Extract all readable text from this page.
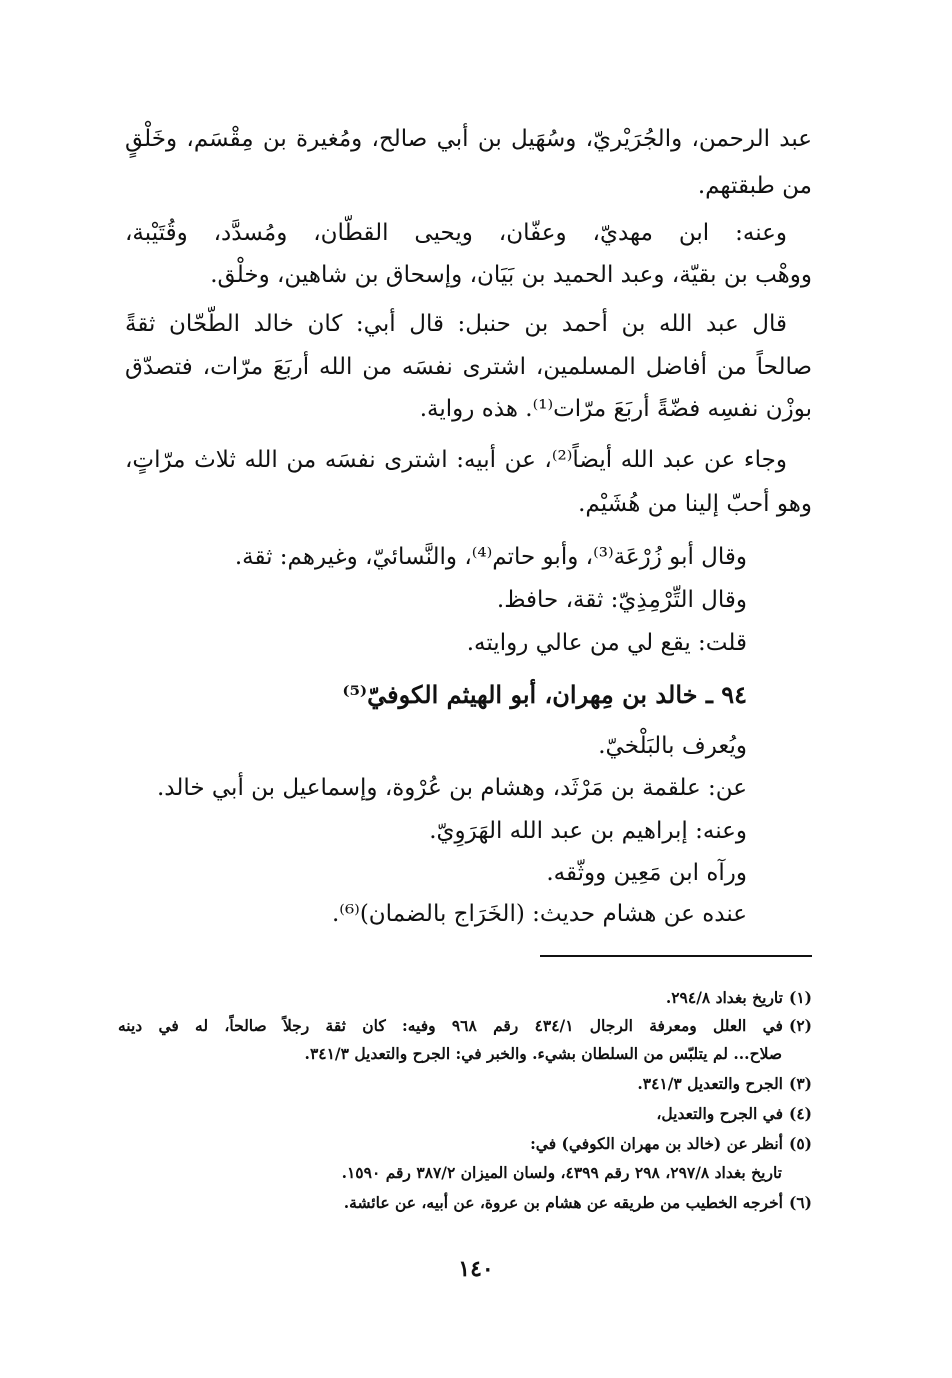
عبد الرحمن، والجُرَيْريّ، وسُهَيل بن أبي صالح، ومُغيرة بن مِقْسَم، وخَلْقٍ
من طبقتهم.
وعنه: ابن مهديّ، وعفّان، ويحيى القطّان، ومُسدَّد، وقُتَيْبة،
ووهْب بن بقيّة، وعبد الحميد بن بَيَان، وإسحاق بن شاهين، وخلْق.
قال عبد الله بن أحمد بن حنبل: قال أبي: كان خالد الطّحّان ثقةً
صالحاً من أفاضل المسلمين، اشترى نفسَه من الله أربَعَ مرّات، فتصدّق
بوزْن نفسِه فضّةً أربَعَ مرّات⁽¹⁾. هذه رواية.
وجاء عن عبد الله أيضاً⁽²⁾، عن أبيه: اشترى نفسَه من الله ثلاث مرّاتٍ،
وهو أحبّ إلينا من هُشَيْم.
وقال أبو زُرْعَة⁽³⁾، وأبو حاتم⁽⁴⁾، والنَّسائيّ، وغيرهم: ثقة.
وقال التِّرْمِذِيّ: ثقة، حافظ.
قلت: يقع لي من عالي روايته.
٩٤ ـ خالد بن مِهران، أبو الهيثم الكوفيّ⁽⁵⁾
ويُعرف بالبَلْخيّ.
عن: علقمة بن مَرْثَد، وهشام بن عُرْوة، وإسماعيل بن أبي خالد.
وعنه: إبراهيم بن عبد الله الهَرَوِيّ.
ورآه ابن مَعِين ووثّقه.
عنده عن هشام حديث: (الخَرَاج بالضمان)⁽⁶⁾.
(١)تاريخ بغداد ٢٩٤/٨.
(٢)في العلل ومعرفة الرجال ٤٣٤/١ رقم ٩٦٨ وفيه: كان ثقة رجلاً صالحاً، له في دينه
صلاح... لم يتلبّس من السلطان بشيء. والخبر في: الجرح والتعديل ٣٤١/٣.
(٣)الجرح والتعديل ٣٤١/٣.
(٤)في الجرح والتعديل،
(٥)أنظر عن (خالد بن مهران الكوفي) في:
تاريخ بغداد ٢٩٧/٨، ٢٩٨ رقم ٤٣٩٩، ولسان الميزان ٣٨٧/٢ رقم ١٥٩٠.
(٦)أخرجه الخطيب من طريقه عن هشام بن عروة، عن أبيه، عن عائشة.
١٤٠
